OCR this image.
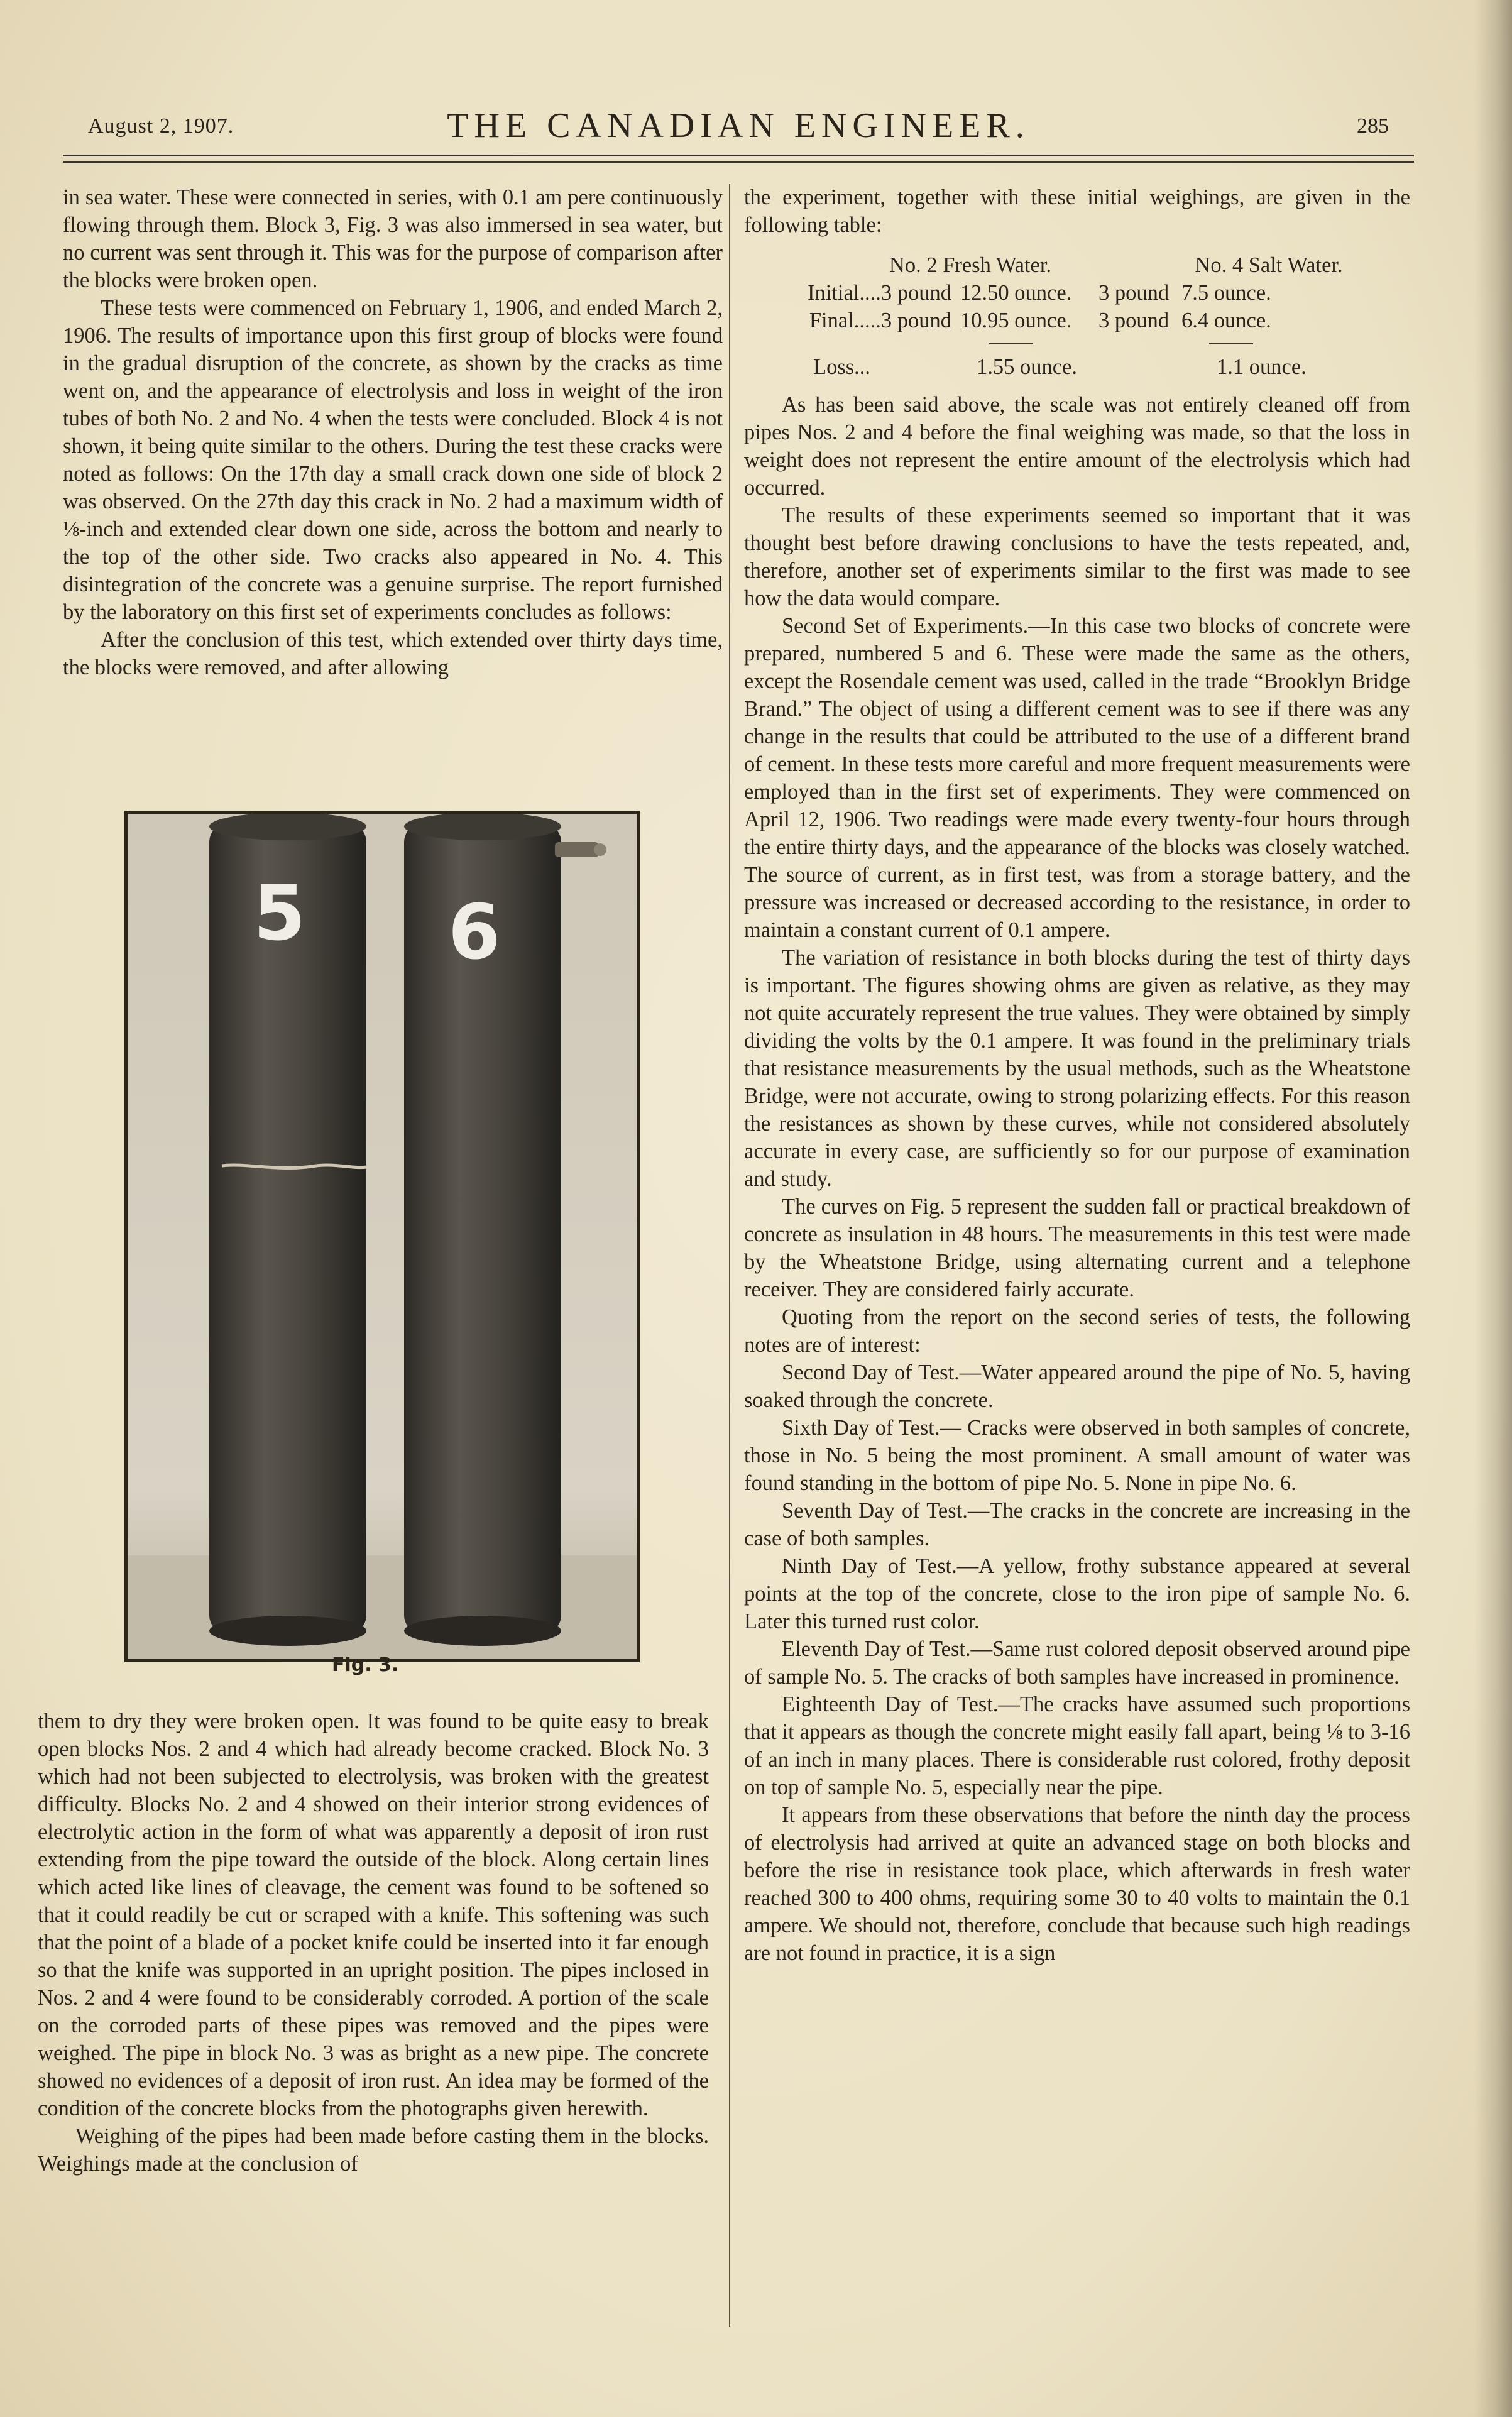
August 2, 1907.	THE CANADIAN ENGINEER.	285

in sea water. These were connected in series, with 0.1 am pere continuously flowing through them. Block 3, Fig. 3 was also immersed in sea water, but no current was sent through it. This was for the purpose of comparison after the blocks were broken open.

These tests were commenced on February 1, 1906, and ended March 2, 1906. The results of importance upon this first group of blocks were found in the gradual disruption of the concrete, as shown by the cracks as time went on, and the appearance of electrolysis and loss in weight of the iron tubes of both No. 2 and No. 4 when the tests were concluded. Block 4 is not shown, it being quite similar to the others. During the test these cracks were noted as follows: On the 17th day a small crack down one side of block 2 was observed. On the 27th day this crack in No. 2 had a maximum width of ⅛-inch and extended clear down one side, across the bottom and nearly to the top of the other side. Two cracks also appeared in No. 4. This disintegration of the concrete was a genuine surprise. The report furnished by the laboratory on this first set of experiments concludes as follows:

After the conclusion of this test, which extended over thirty days time, the blocks were removed, and after allowing

5 6
Fig. 3.

them to dry they were broken open. It was found to be quite easy to break open blocks Nos. 2 and 4 which had already become cracked. Block No. 3 which had not been subjected to electrolysis, was broken with the greatest difficulty. Blocks No. 2 and 4 showed on their interior strong evidences of electrolytic action in the form of what was apparently a deposit of iron rust extending from the pipe toward the outside of the block. Along certain lines which acted like lines of cleavage, the cement was found to be softened so that it could readily be cut or scraped with a knife. This softening was such that the point of a blade of a pocket knife could be inserted into it far enough so that the knife was supported in an upright position. The pipes inclosed in Nos. 2 and 4 were found to be considerably corroded. A portion of the scale on the corroded parts of these pipes was removed and the pipes were weighed. The pipe in block No. 3 was as bright as a new pipe. The concrete showed no evidences of a deposit of iron rust. An idea may be formed of the condition of the concrete blocks from the photographs given herewith.

Weighing of the pipes had been made before casting them in the blocks. Weighings made at the conclusion of

the experiment, together with these initial weighings, are given in the following table:

No. 2 Fresh Water.	No. 4 Salt Water.
Initial....3 pound 12.50 ounce.	3 pound 7.5 ounce.
Final.....3 pound 10.95 ounce.	3 pound 6.4 ounce.
Loss...	1.55 ounce.	1.1 ounce.

As has been said above, the scale was not entirely cleaned off from pipes Nos. 2 and 4 before the final weighing was made, so that the loss in weight does not represent the entire amount of the electrolysis which had occurred.

The results of these experiments seemed so important that it was thought best before drawing conclusions to have the tests repeated, and, therefore, another set of experiments similar to the first was made to see how the data would compare.

Second Set of Experiments.—In this case two blocks of concrete were prepared, numbered 5 and 6. These were made the same as the others, except the Rosendale cement was used, called in the trade “Brooklyn Bridge Brand.” The object of using a different cement was to see if there was any change in the results that could be attributed to the use of a different brand of cement. In these tests more careful and more frequent measurements were employed than in the first set of experiments. They were commenced on April 12, 1906. Two readings were made every twenty-four hours through the entire thirty days, and the appearance of the blocks was closely watched. The source of current, as in first test, was from a storage battery, and the pressure was increased or decreased according to the resistance, in order to maintain a constant current of 0.1 ampere.

The variation of resistance in both blocks during the test of thirty days is important. The figures showing ohms are given as relative, as they may not quite accurately represent the true values. They were obtained by simply dividing the volts by the 0.1 ampere. It was found in the preliminary trials that resistance measurements by the usual methods, such as the Wheatstone Bridge, were not accurate, owing to strong polarizing effects. For this reason the resistances as shown by these curves, while not considered absolutely accurate in every case, are sufficiently so for our purpose of examination and study.

The curves on Fig. 5 represent the sudden fall or practical breakdown of concrete as insulation in 48 hours. The measurements in this test were made by the Wheatstone Bridge, using alternating current and a telephone receiver. They are considered fairly accurate.

Quoting from the report on the second series of tests, the following notes are of interest:

Second Day of Test.—Water appeared around the pipe of No. 5, having soaked through the concrete.

Sixth Day of Test.— Cracks were observed in both samples of concrete, those in No. 5 being the most prominent. A small amount of water was found standing in the bottom of pipe No. 5. None in pipe No. 6.

Seventh Day of Test.—The cracks in the concrete are increasing in the case of both samples.

Ninth Day of Test.—A yellow, frothy substance appeared at several points at the top of the concrete, close to the iron pipe of sample No. 6. Later this turned rust color.

Eleventh Day of Test.—Same rust colored deposit observed around pipe of sample No. 5. The cracks of both samples have increased in prominence.

Eighteenth Day of Test.—The cracks have assumed such proportions that it appears as though the concrete might easily fall apart, being ⅛ to 3-16 of an inch in many places. There is considerable rust colored, frothy deposit on top of sample No. 5, especially near the pipe.

It appears from these observations that before the ninth day the process of electrolysis had arrived at quite an advanced stage on both blocks and before the rise in resistance took place, which afterwards in fresh water reached 300 to 400 ohms, requiring some 30 to 40 volts to maintain the 0.1 ampere. We should not, therefore, conclude that because such high readings are not found in practice, it is a sign
